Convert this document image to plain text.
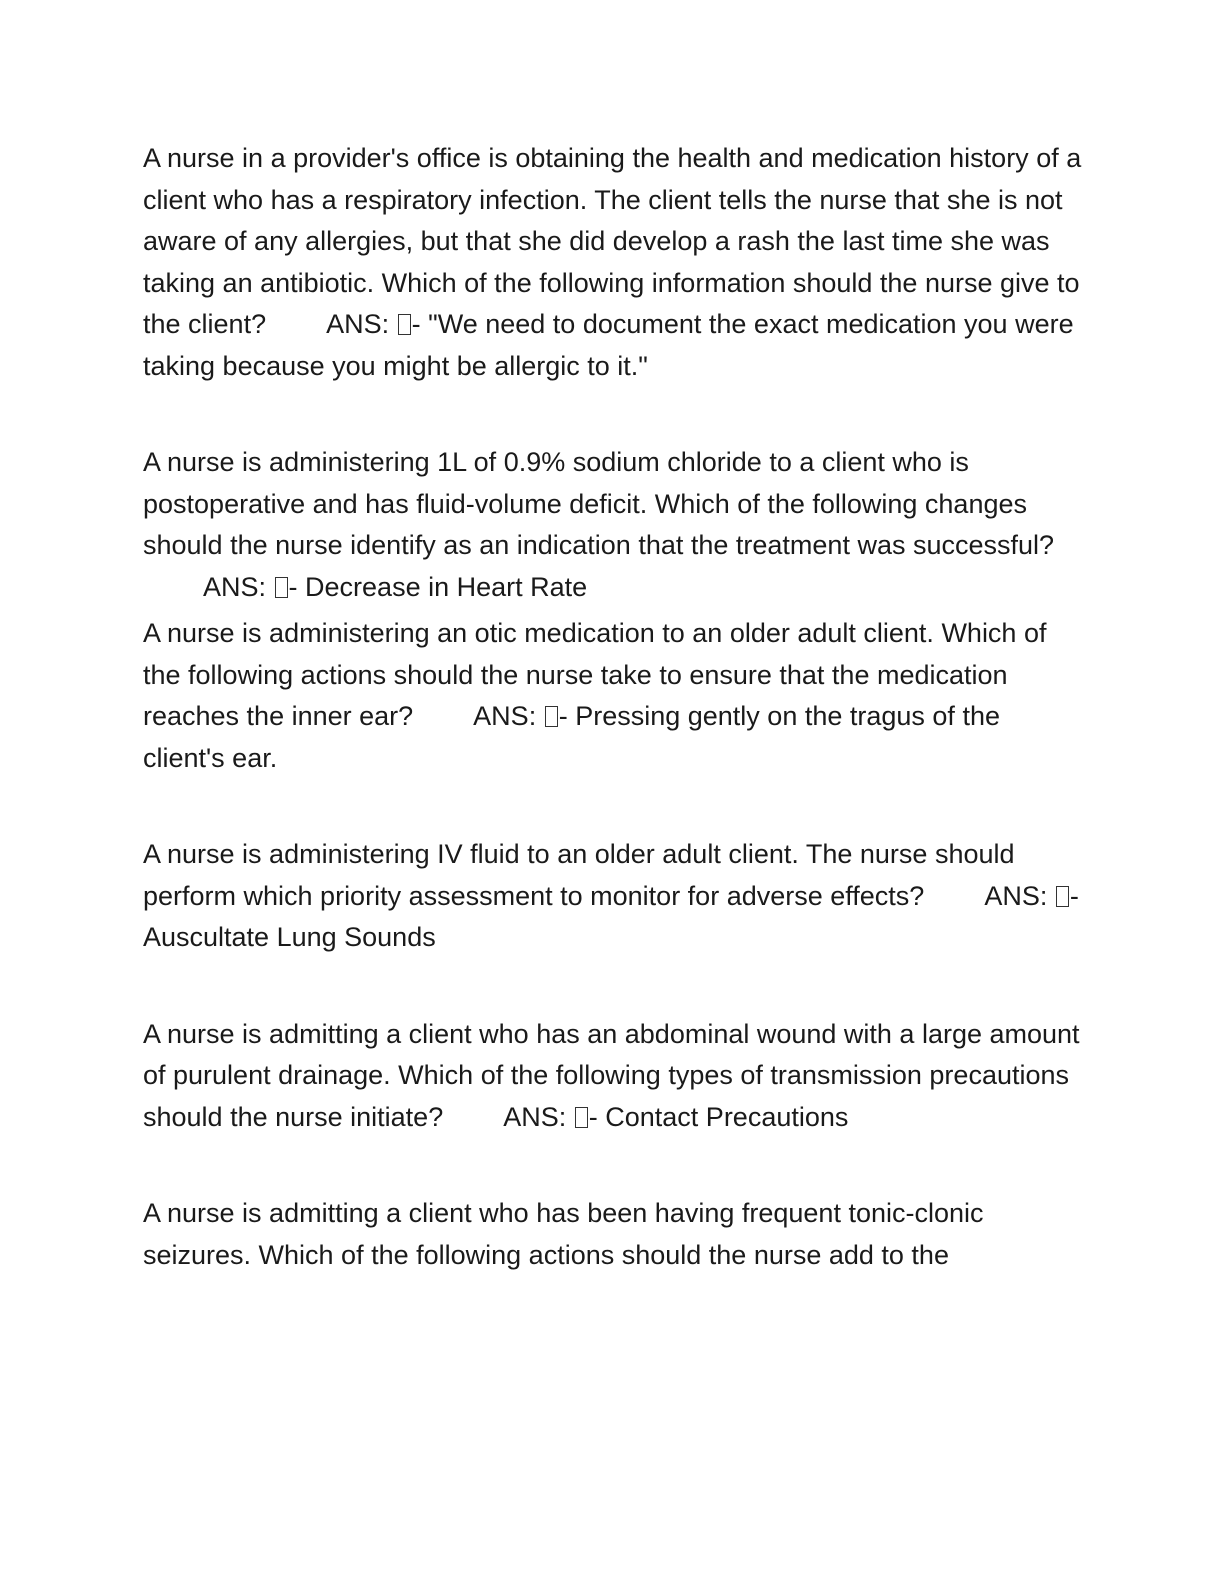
A nurse in a provider's office is obtaining the health and medication history of a client who has a respiratory infection. The client tells the nurse that she is not aware of any allergies, but that she did develop a rash the last time she was taking an antibiotic. Which of the following information should the nurse give to the client? ANS: - "We need to document the exact medication you were taking because you might be allergic to it."

A nurse is administering 1L of 0.9% sodium chloride to a client who is postoperative and has fluid-volume deficit. Which of the following changes should the nurse identify as an indication that the treatment was successful?ANS: - Decrease in Heart Rate

A nurse is administering an otic medication to an older adult client. Which of the following actions should the nurse take to ensure that the medication reaches the inner ear? ANS: - Pressing gently on the tragus of the client's ear.

A nurse is administering IV fluid to an older adult client. The nurse should perform which priority assessment to monitor for adverse effects? ANS: - Auscultate Lung Sounds

A nurse is admitting a client who has an abdominal wound with a large amount of purulent drainage. Which of the following types of transmission precautions should the nurse initiate? ANS: - Contact Precautions

A nurse is admitting a client who has been having frequent tonic-clonic seizures. Which of the following actions should the nurse add to the
